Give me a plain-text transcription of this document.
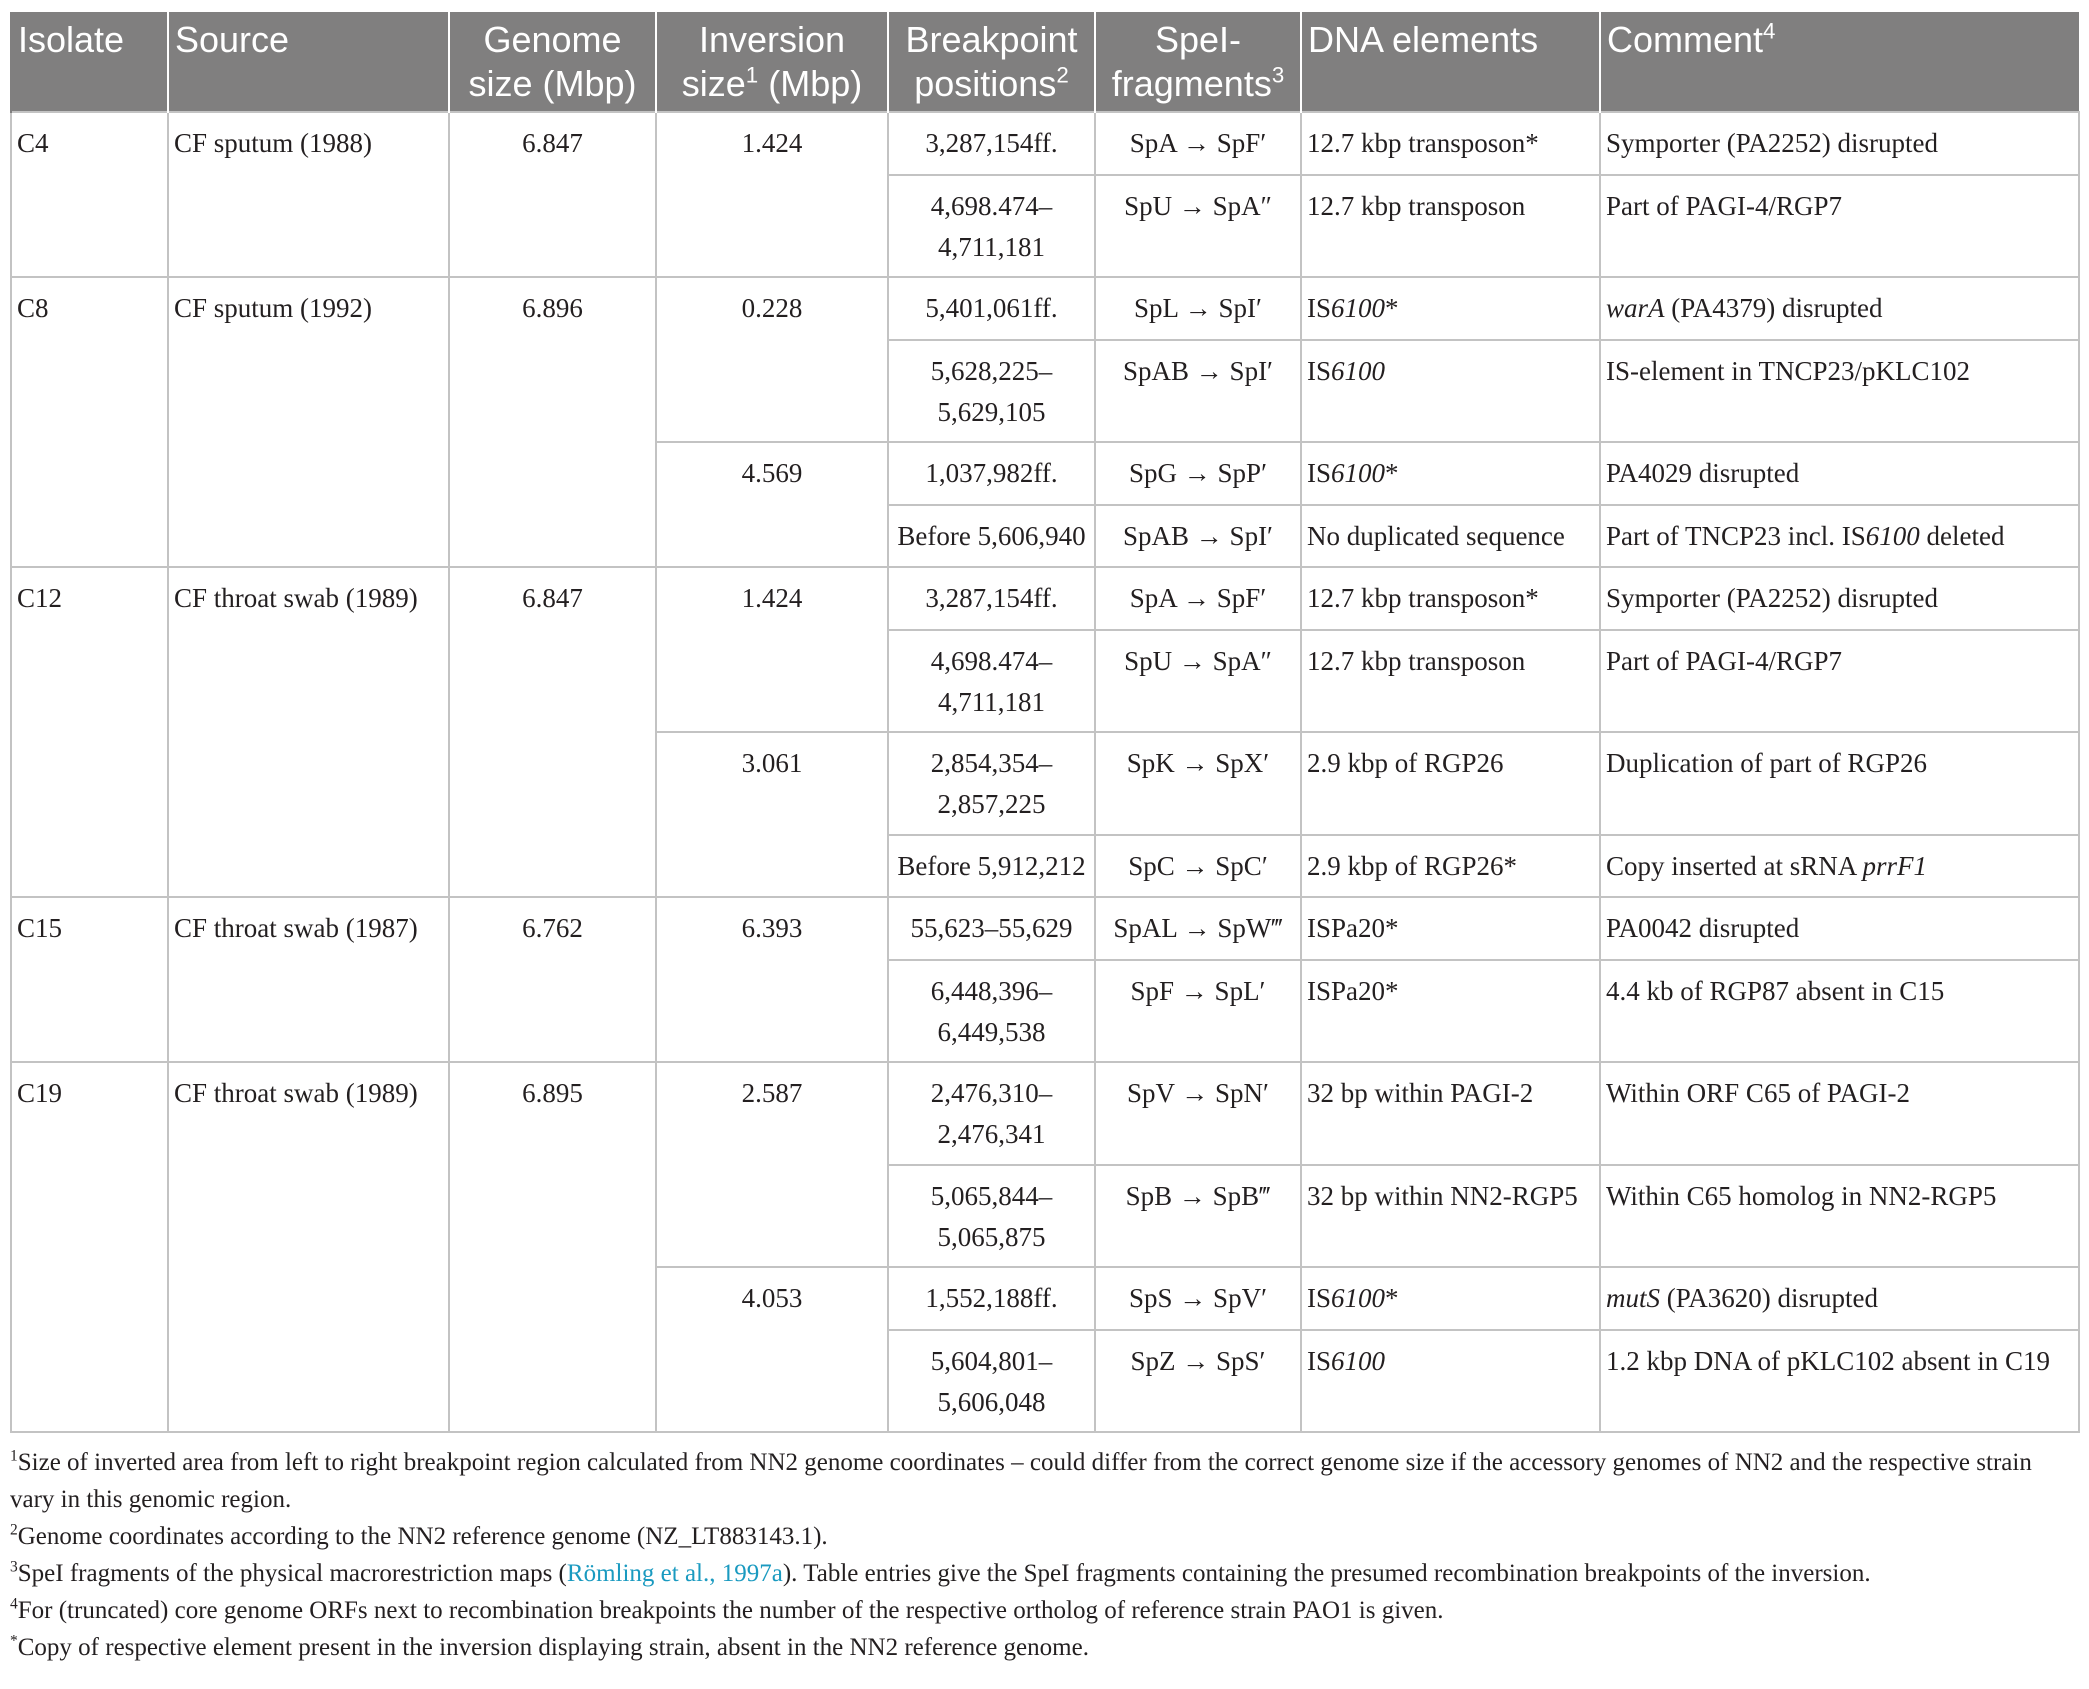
Isolate	Source	Genome size (Mbp)	Inversion size$^1$ (Mbp)	Breakpoint positions$^2$	SpeI-fragments$^3$	DNA elements	Comment$^4$
C4	CF sputum (1988)	6.847	1.424	3,287,154ff.	SpA → SpF′	12.7 kbp transposon*	Symporter (PA2252) disrupted
				4,698.474–4,711,181	SpU → SpA″	12.7 kbp transposon	Part of PAGI-4/RGP7
C8	CF sputum (1992)	6.896	0.228	5,401,061ff.	SpL → SpI′	IS6100*	warA (PA4379) disrupted
				5,628,225–5,629,105	SpAB → SpI′	IS6100	IS-element in TNCP23/pKLC102
			4.569	1,037,982ff.	SpG → SpP′	IS6100*	PA4029 disrupted
				Before 5,606,940	SpAB → SpI′	No duplicated sequence	Part of TNCP23 incl. IS6100 deleted
C12	CF throat swab (1989)	6.847	1.424	3,287,154ff.	SpA → SpF′	12.7 kbp transposon*	Symporter (PA2252) disrupted
				4,698.474–4,711,181	SpU → SpA″	12.7 kbp transposon	Part of PAGI-4/RGP7
			3.061	2,854,354–2,857,225	SpK → SpX′	2.9 kbp of RGP26	Duplication of part of RGP26
				Before 5,912,212	SpC → SpC′	2.9 kbp of RGP26*	Copy inserted at sRNA prrF1
C15	CF throat swab (1987)	6.762	6.393	55,623–55,629	SpAL → SpW‴	ISPa20*	PA0042 disrupted
				6,448,396–6,449,538	SpF → SpL′	ISPa20*	4.4 kb of RGP87 absent in C15
C19	CF throat swab (1989)	6.895	2.587	2,476,310–2,476,341	SpV → SpN′	32 bp within PAGI-2	Within ORF C65 of PAGI-2
				5,065,844–5,065,875	SpB → SpB‴	32 bp within NN2-RGP5	Within C65 homolog in NN2-RGP5
			4.053	1,552,188ff.	SpS → SpV′	IS6100*	mutS (PA3620) disrupted
				5,604,801–5,606,048	SpZ → SpS′	IS6100	1.2 kbp DNA of pKLC102 absent in C19

$^1$Size of inverted area from left to right breakpoint region calculated from NN2 genome coordinates – could differ from the correct genome size if the accessory genomes of NN2 and the respective strain vary in this genomic region.

$^2$Genome coordinates according to the NN2 reference genome (NZ_LT883143.1).

$^3$SpeI fragments of the physical macrorestriction maps (Römling et al., 1997a). Table entries give the SpeI fragments containing the presumed recombination breakpoints of the inversion.

$^4$For (truncated) core genome ORFs next to recombination breakpoints the number of the respective ortholog of reference strain PAO1 is given.

*Copy of respective element present in the inversion displaying strain, absent in the NN2 reference genome.
